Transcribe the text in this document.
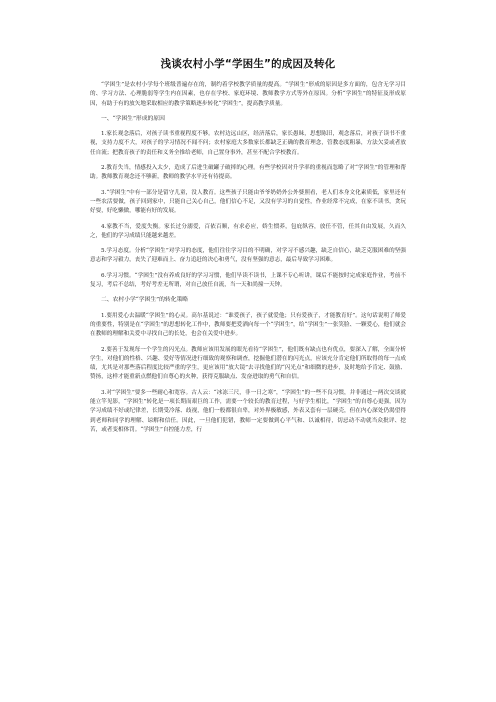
浅谈农村小学“学困生”的成因及转化

“学困生”是农村小学每个班级普遍存在的，制约着学校教学质量的提高。“学困生”形成的原因是多方面的，包含无学习目的、学习方法、心理脆弱等学生内在因素，也存在学校、家庭环境、教师教学方式等外在原因。分析“学困生”的特征及形成原因，有助于有的放矢地采取相应的教学策略逐步转化“学困生”，提高教学质量。

一、“学困生”形成的原因

1.家长观念落后，对孩子读书重视程度不够。农村边远山区，经济落后，家长愚昧，思想陈旧，观念落后，对孩子读书不重视，支持力度不大，对孩子的学习情况不闻不问；农村家庭大多数家长都缺乏正确的教育理念，管教态度粗暴，方法欠妥或者放任自流；把教育孩子的责任和义务全推给老师，自己置身事外，甚至不配合学校教育。

2.教育失当，情感投入太少，造成了后进生破罐子破摔的心理。有些学校因对升学率的重视而忽略了对“学困生”的管理和帮助。教师教育观念还不够新，教师的教学水平还有待提高。

3.“学困生”中有一部分是留守儿童，没人教育。这些孩子只能由爷爷奶奶外公外婆照看，老人们本身文化素质低，家里还有一些农活要做，孩子回到家中，只能自己关心自己，他们信心不足，又没有学习的自觉性，作业经常不完成，在家不读书，贪玩好耍，好吃懒做，哪能有好的发展。

4.家教不当，爱度失衡。家长过分溺爱，百依百顺，有求必应，娇生惯养，包庇纵容，放任不管，任其自由发展，久而久之，他们的学习成绩只能越来越差。

5.学习态度。分析“学困生”对学习的态度，他们往往学习目的不明确，对学习不感兴趣，缺乏自信心，缺乏克服困难的坚强意志和学习毅力，丧失了迎难而上、奋力追赶的决心和勇气，没有坚强的意志，最后导致学习困难。

6.学习习惯。“学困生”没有养成良好的学习习惯，他们旱读不读书，上课不专心听讲，课后不能按时完成家庭作业，考前不复习，考后不总结，考好考差无所谓，对自己放任自流，当一天和尚撞一天钟。

二、农村小学“学困生”的转化策略

1.要用爱心去温暖“学困生”的心灵。高尔基说过：“谁爱孩子，孩子就爱他；只有爱孩子，才能教育好”。这句话说明了师爱的重要性，特别是在“学困生”的思想转化工作中，教师要把爱洒向每一个“学困生”，给“学困生”一张笑脸、一颗爱心，他们就会在教师的理解和关爱中寻找自己的长处，也会在关爱中进步。

2.要善于发现每一个学生的闪光点。教师应该用发展的眼光看待“学困生”，他们既有缺点也有优点，要深入了解，全面分析学生，对他们的性格、兴趣、爱好等情况进行细致的观察和调查，挖掘他们潜在的闪光点，应该充分肯定他们所取得的每一点成绩，尤其是对那些落后程度比较严重的学生，更应该用“放大镜”去寻找他们的“闪光点”和细微的进步，及时地给予肯定、鼓励、赞扬，这样才能重新点燃他们自尊心的火种，获得克服缺点、发奋进取的勇气和自信。

3.对“学困生”要多一些耐心和宽容。古人云：“冰冻三尺，非一日之寒”，“学困生”的一些不良习惯，并非通过一两次交谈就能立竿见影，“学困生”转化是一项长期而艰巨的工作，需要一个较长的教育过程，与好学生相比，“学困生”的自尊心更强，因为学习成绩不好或纪律差，长期受冷落、歧视，他们一般都很自卑，对外界极敏感，外表又套有一层硬壳，但在内心深处仍渴望得到老师和同学的理解、谅解和信任。因此，一旦他们犯错，教师一定要做到心平气和、以诚相待，切忌动不动就当众批评、挖苦，或者变相体罚。“学困生”自控能力差，行
